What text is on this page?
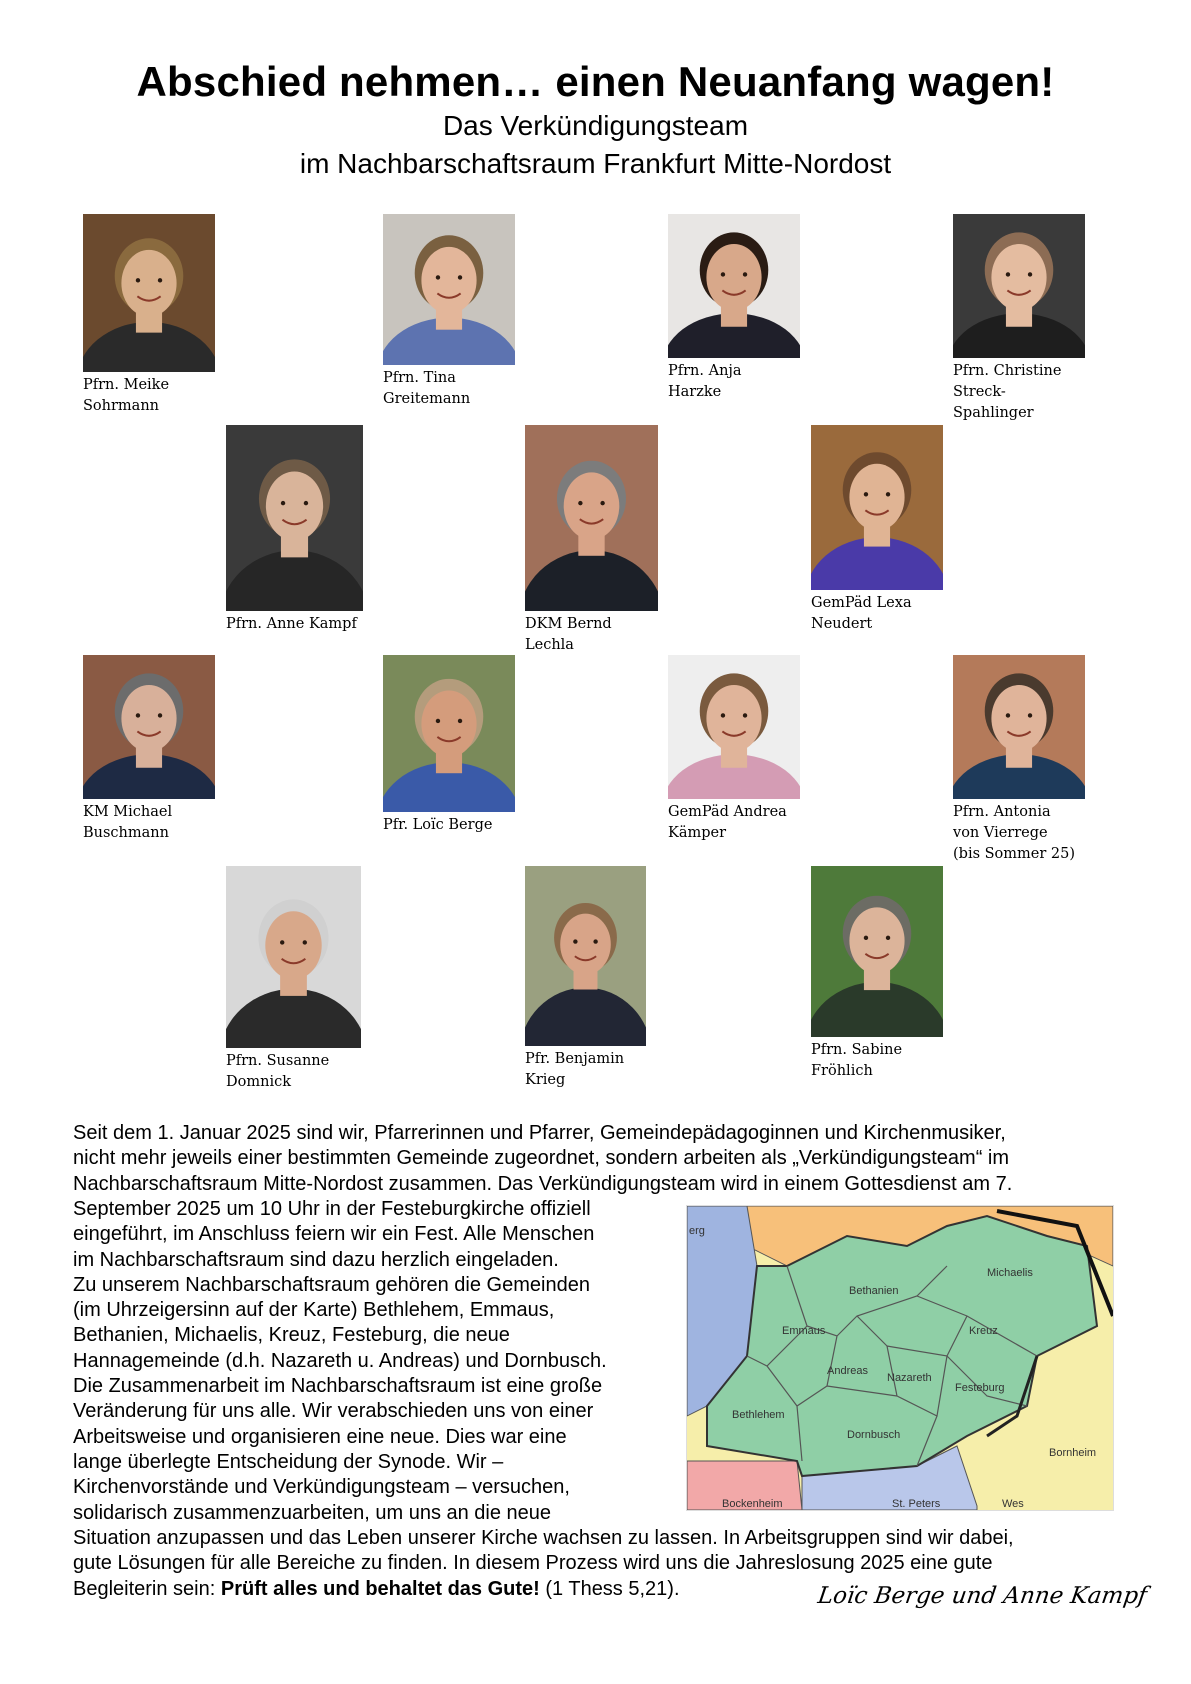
Abschied nehmen… einen Neuanfang wagen!
Das Verkündigungsteam
im Nachbarschaftsraum Frankfurt Mitte-Nordost
Pfrn. Meike
Sohrmann
Pfrn. Tina
Greitemann
Pfrn. Anja
Harzke
Pfrn. Christine
Streck-
Spahlinger
Pfrn. Anne Kampf	DKM Bernd
Lechla
GemPäd Lexa
Neudert
KM Michael
Buschmann	Pfr. Loïc Berge
GemPäd Andrea
Kämper
Pfrn. Antonia
von Vierrege
(bis Sommer 25)
Pfrn. Susanne
Domnick
Pfr. Benjamin
Krieg
Pfrn. Sabine
Fröhlich
Seit dem 1. Januar 2025 sind wir, Pfarrerinnen und Pfarrer, Gemeindepädagoginnen und Kirchenmusiker,
nicht mehr jeweils einer bestimmten Gemeinde zugeordnet, sondern arbeiten als „Verkündigungsteam“ im
Nachbarschaftsraum Mitte-Nordost zusammen. Das Verkündigungsteam wird in einem Gottesdienst am 7.
September 2025 um 10 Uhr in der Festeburgkirche offiziell
eingeführt, im Anschluss feiern wir ein Fest. Alle Menschen
im Nachbarschaftsraum sind dazu herzlich eingeladen.
Zu unserem Nachbarschaftsraum gehören die Gemeinden
(im Uhrzeigersinn auf der Karte) Bethlehem, Emmaus,
Bethanien, Michaelis, Kreuz, Festeburg, die neue
Hannagemeinde (d.h. Nazareth u. Andreas) und Dornbusch.
Die Zusammenarbeit im Nachbarschaftsraum ist eine große
Veränderung für uns alle. Wir verabschieden uns von einer
Arbeitsweise und organisieren eine neue. Dies war eine
lange überlegte Entscheidung der Synode. Wir –
Kirchenvorstände und Verkündigungsteam – versuchen,
solidarisch zusammenzuarbeiten, um uns an die neue
Situation anzupassen und das Leben unserer Kirche wachsen zu lassen. In Arbeitsgruppen sind wir dabei,
gute Lösungen für alle Bereiche zu finden. In diesem Prozess wird uns die Jahreslosung 2025 eine gute
Begleiterin sein: Prüft alles und behaltet das Gute! (1 Thess 5,21).
Michaelis
Bethanien
Emmaus	Kreuz
Andreas
Nazareth
Festeburg
Bethlehem
Dornbusch
Bornheim
St. Peters
Bockenheim
erg
Wes
Loïc Berge und Anne Kampf
